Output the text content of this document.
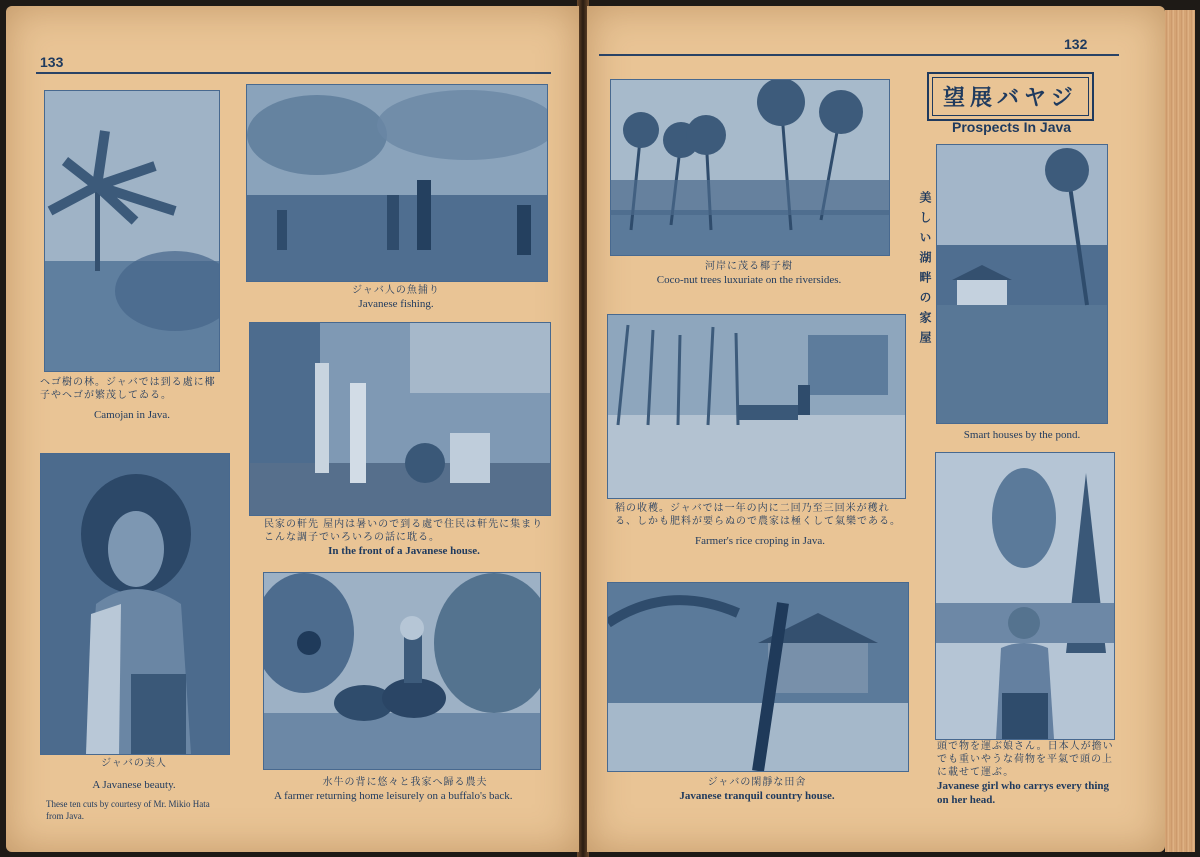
133
ヘゴ樹の林。ジャバでは到る處に椰子やヘゴが繁茂してゐる。
Camojan in Java.
ジャバ人の魚捕り
Javanese fishing.
民家の軒先 屋内は暑いので到る處で住民は軒先に集まりこんな調子でいろいろの話に耽る。
In the front of a Javanese house.
ジャバの美人
A Javanese beauty.
These ten cuts by courtesy of Mr. Mikio Hata from Java.
水牛の背に悠々と我家へ歸る農夫
A farmer returning home leisurely on a buffalo's back.
132
望展バヤジ
Prospects In Java
美しい湖畔の家屋
河岸に茂る椰子樹
Coco-nut trees luxuriate on the riversides.
稻の收穫。ジャバでは一年の内に二回乃至三回米が穫れる、しかも肥料が要らぬので農家は極くして氣樂である。
Farmer's rice croping in Java.
ジャバの閑靜な田舍
Javanese tranquil country house.
Smart houses by the pond.
頭で物を運ぶ娘さん。日本人が擔いでも重いやうな荷物を平氣で頭の上に載せて運ぶ。
Javanese girl who carrys every thing on her head.
